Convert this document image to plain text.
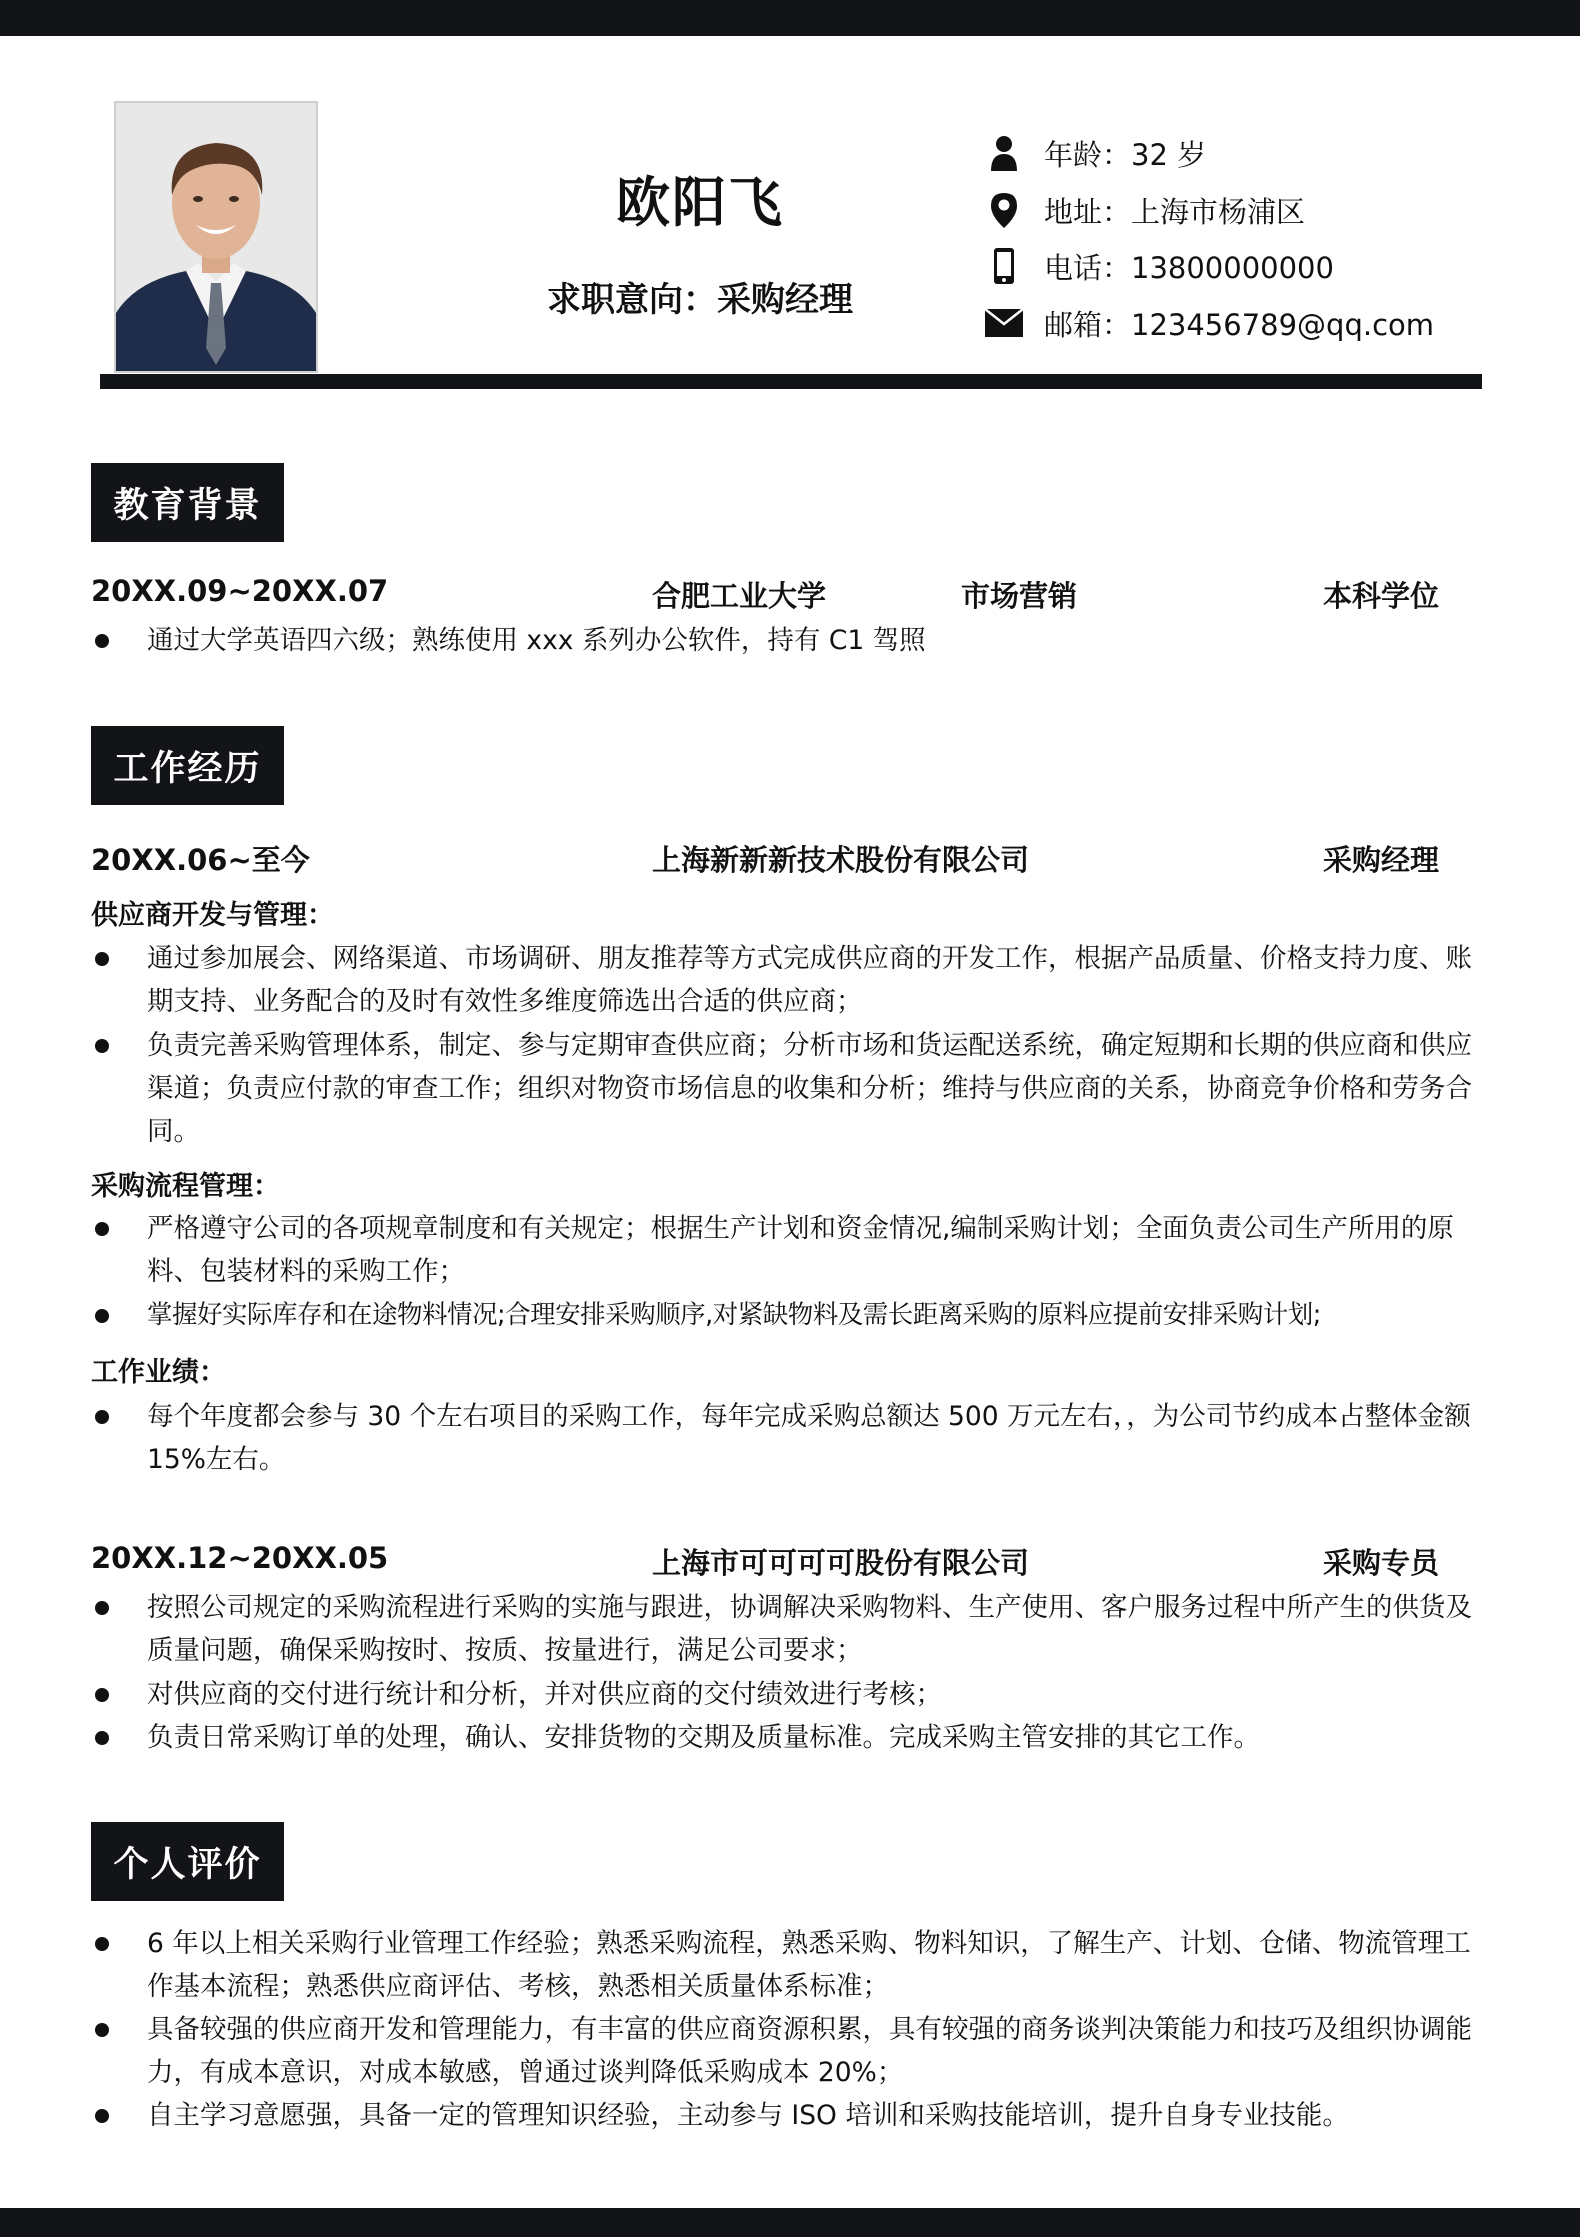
欧阳飞
求职意向：采购经理
年龄：32 岁
地址：上海市杨浦区
电话：13800000000
邮箱：123456789@qq.com
教育背景
20XX.09~20XX.07	合肥工业大学	市场营销	本科学位
通过大学英语四六级；熟练使用 xxx 系列办公软件，持有 C1 驾照
工作经历
20XX.06~至今	上海新新新技术股份有限公司	采购经理
供应商开发与管理：
通过参加展会、网络渠道、市场调研、朋友推荐等方式完成供应商的开发工作，根据产品质量、价格支持力度、账期支持、业务配合的及时有效性多维度筛选出合适的供应商；
负责完善采购管理体系，制定、参与定期审查供应商；分析市场和货运配送系统，确定短期和长期的供应商和供应渠道；负责应付款的审查工作；组织对物资市场信息的收集和分析；维持与供应商的关系，协商竞争价格和劳务合同。
采购流程管理：
严格遵守公司的各项规章制度和有关规定；根据生产计划和资金情况,编制采购计划；全面负责公司生产所用的原料、包装材料的采购工作；
掌握好实际库存和在途物料情况;合理安排采购顺序,对紧缺物料及需长距离采购的原料应提前安排采购计划;
工作业绩：
每个年度都会参与 30 个左右项目的采购工作，每年完成采购总额达 500 万元左右，，为公司节约成本占整体金额 15%左右。
20XX.12~20XX.05	上海市可可可可股份有限公司	采购专员
按照公司规定的采购流程进行采购的实施与跟进，协调解决采购物料、生产使用、客户服务过程中所产生的供货及质量问题，确保采购按时、按质、按量进行，满足公司要求；
对供应商的交付进行统计和分析，并对供应商的交付绩效进行考核；
负责日常采购订单的处理，确认、安排货物的交期及质量标准。完成采购主管安排的其它工作。
个人评价
6 年以上相关采购行业管理工作经验；熟悉采购流程，熟悉采购、物料知识，了解生产、计划、仓储、物流管理工作基本流程；熟悉供应商评估、考核，熟悉相关质量体系标准；
具备较强的供应商开发和管理能力，有丰富的供应商资源积累，具有较强的商务谈判决策能力和技巧及组织协调能力，有成本意识，对成本敏感，曾通过谈判降低采购成本 20%；
自主学习意愿强，具备一定的管理知识经验，主动参与 ISO 培训和采购技能培训，提升自身专业技能。
